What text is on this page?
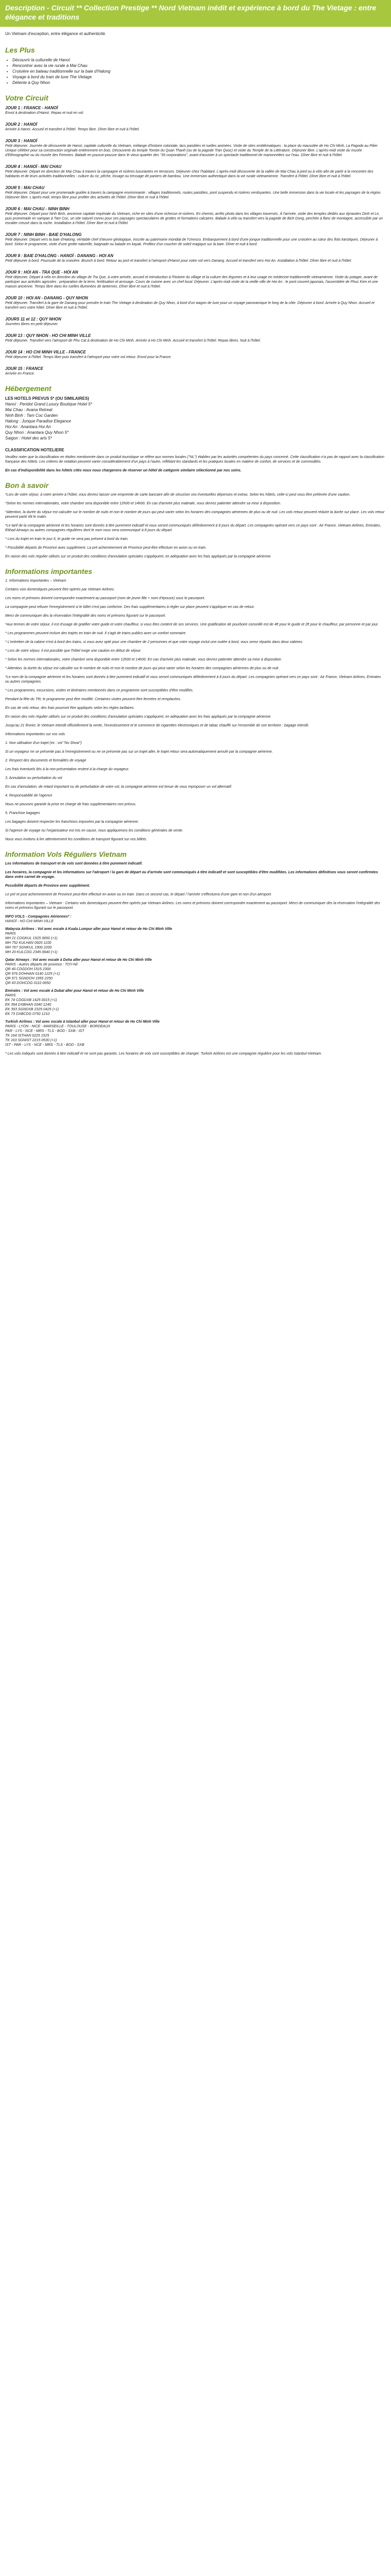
Description - Circuit ** Collection Prestige ** Nord Vietnam inédit et expérience à bord du The Vietage : entre élégance et traditions

Un Vietnam d'exception, entre élégance et authenticité.

Les Plus
• Découvrir la culturelle de Hanoï
• Rencontrer avec la vie rurale à Mai Chau
• Croisière en bateau traditionnelle sur la baie d'Halong
• Voyage à bord du train de luxe The Vietage
• Détente à Quy Nhon
Votre Circuit

JOUR 1 : FRANCE - HANOÏ

Envol à destination d'Hanoï. Repas et nuit en vol.

JOUR 2 : HANOÏ

Arrivée à Hanoï. Accueil et transfert à l'hôtel. Temps libre. Dîner libre et nuit à l'hôtel.

JOUR 3 : HANOÏ

Petit déjeuner. Journée de découverte de Hanoï, capitale culturelle du Vietnam, mélange d'histoire coloniale, lacs paisibles et ruelles animées. Visite de sites emblématiques : la place du mausolée de Ho Chi Minh, La Pagode au Pilier Unique célèbre pour sa construction originale entièrement en bois. Découverte du temple Tombe du Quan Thanh (ou de la pagode Tran Quoc) et visite du Temple de la Littérature. Déjeuner libre. L'après-midi visite du musée d'Ethnographie ou du musée des Femmes. Balade en pousse-pousse dans le vieux quartier des "36 corporations", avant d'assister à un spectacle traditionnel de marionnettes sur l'eau. Dîner libre et nuit à l'hôtel.

JOUR 4 : HANOÏ - MAI CHAU

Petit déjeuner. Départ en direction de Mai Chau à travers la campagne et rizières luxuriantes en terrasses. Déjeuner chez l'habitant. L'après-midi découverte de la vallée de Mai Chau à pied ou à vélo afin de partir à la rencontre des habitants et de leurs activités traditionnelles : culture du riz, pêche, tissage ou tressage de paniers de bambou. Une immersion authentique dans la vie rurale vietnamienne. Transfert à l'hôtel. Dîner libre et nuit à l'hôtel.

JOUR 5 : MAI CHAU

Petit déjeuner. Départ pour une promenade guidée à travers la campagne environnante : villages traditionnels, routes paisibles, pont suspendu et rizières verdoyantes. Une belle immersion dans la vie locale et les paysages de la région. Déjeuner libre. L'après-midi, temps libre pour profiter des activités de l'hôtel. Dîner libre et nuit à l'hôtel.

JOUR 6 : MAI CHAU - NINH BINH

Petit déjeuner. Départ pour Ninh Binh, ancienne capitale impériale du Vietnam, riche en sites d'une richesse et rizières. En chemin, arrêts photo dans les villages traversés. À l'arrivée, visite des temples dédiés aux dynasties Dinh et Le, puis promenade en sampan à Tam Coc, un site naturel connu pour ses paysages spectaculaires de grottes et formations calcaires. Balade à vélo ou transfert vers la pagode de Bich Dong, perchée à flanc de montagne, accessible par un escalier creusé dans la roche. Installation à l'hôtel. Dîner libre et nuit à l'hôtel.

JOUR 7 : NINH BINH - BAIE D'HALONG

Petit déjeuner. Départ vers la baie d'Halong, véritable chef d'œuvre géologique, inscrite au patrimoine mondial de l'Unesco. Embarquement à bord d'une jonque traditionnelle pour une croisière au cœur des îlots karstiques. Déjeuner à bord. Selon le programme, visite d'une grotte naturelle, baignade ou balade en kayak. Profitez d'un coucher de soleil magique sur la baie. Dîner et nuit à bord.

JOUR 8 : BAIE D'HALONG - HANOÏ - DANANG - HOI AN

Petit déjeuner à bord. Poursuite de la croisière. Brunch à bord. Retour au port et transfert à l'aéroport d'Hanoï pour votre vol vers Danang. Accueil et transfert vers Hoi An. Installation à l'hôtel. Dîner libre et nuit à l'hôtel.

JOUR 9 : HOI AN - TRA QUE - HOI AN

Petit déjeuner. Départ à vélo en direction du village de Tra Que, à votre arrivée, accueil et introduction à l'histoire du village et la culture des légumes et à leur usage en médecine traditionnelle vietnamienne. Visite du potager, avant de participer aux activités agricoles : préparation de la terre, fertilisation et arrosage. Cours de cuisine avec un chef local. Déjeuner. L'après-midi visite de la vieille ville de Hoi An : le pont couvert japonais, l'assemblée de Phuc Kien et une maison ancienne. Temps libre dans les ruelles illuminées de lanternes. Dîner libre et nuit à l'hôtel.

JOUR 10 : HOI AN - DANANG - QUY NHON

Petit déjeuner. Transfert à la gare de Danang pour prendre le train The Vietage à destination de Quy Nhon, à bord d'un wagon de luxe pour un voyage panoramique le long de la côte. Déjeuner à bord. Arrivée à Quy Nhon. Accueil et transfert vers votre hôtel. Dîner libre et nuit à l'hôtel.

JOURS 11 et 12 : QUY NHON

Journées libres en petit déjeuner.

JOUR 13 : QUY NHON - HO CHI MINH VILLE

Petit déjeuner. Transfert vers l'aéroport de Phu Cat à destination de Ho Chi Minh. Arrivée à Ho Chi Minh. Accueil et transfert à l'hôtel. Repas libres. Nuit à l'hôtel.

JOUR 14 : HO CHI MINH VILLE - FRANCE

Petit déjeuner à l'hôtel. Temps libre puis transfert à l'aéroport pour votre vol retour. Envol pour la France.

JOUR 15 : FRANCE

Arrivée en France.

Hébergement

LES HOTELS PREVUS 5* (OU SIMILAIRES)

Hanoï : Peridot Grand Luxury Boutique Hotel 5*

Mai Chau : Avana Retreat

Ninh Binh : Tam Coc Garden

Halong : Jonque Paradise Elegance

Hoi An : Anantara Hoi An

Quy Nhon : Anantara Quy Nhon 5*

Saigon : Hotel des arts 5*

CLASSIFICATION HOTELIERE

Veuillez noter que la classification en étoiles mentionnée dans ce produit touristique se réfère aux normes locales ("NL") établies par les autorités compétentes du pays concerné. Cette classification n'a pas de rapport avec la classification française des hôtels. Les critères de notation peuvent varier considérablement d'un pays à l'autre, reflétant les standards et les pratiques locales en matière de confort, de services et de commodités.

En cas d'indisponibilité dans les hôtels cités nous nous chargerons de réserver un hôtel de catégorie similaire sélectionné par nos soins.

Bon à savoir

*Lors de votre séjour, à votre arrivée à l'hôtel, vous devrez laisser une empreinte de carte bancaire afin de sécuriser vos éventuelles dépenses et extras. Selon les hôtels, celle-ci peut vous être prélevée d'une caution.

*Selon les normes internationales, votre chambre sera disponible entre 12h00 et 14h00. En cas d'arrivée plus matinale, vous devrez patienter attendre sa mise à disposition.

*Attention, la durée du séjour est calculée sur le nombre de nuits et non le nombre de jours qui peut varier selon les horaires des compagnies aériennes de plus ou de nuit. Les vols retour peuvent réduire la durée sur place. Les vols retour peuvent partir tôt le matin.

*Le tarif de la compagnie aérienne et les horaires sont donnés à titre purement indicatif et vous seront communiqués définitivement à 8 jours du départ. Les compagnies opérant vers ce pays sont : Air France, Vietnam Airlines, Emirates, Etihad Airways ou autres compagnies régulières dont le nom vous sera communiqué à 8 jours du départ.

* Lors du trajet en train le jour 6, le guide ne sera pas présent à bord du train.

* Possibilité départs de Province avec supplément. La pré acheminement de Province peut-être effectuer en avion ou en train.

En raison des vols régulier utilisés sur ce produit des conditions d'annulation spéciales s'appliquent, en adéquation avec les frais appliqués par la compagnie aérienne.

Informations importantes

1. Informations importantes – Vietnam

Certains voix domestiques peuvent être opérés par Vietnam Airlines.

Les noms et prénoms doivent correspondre exactement au passeport (nom de jeune fille + nom d'épouse) sous le passeport.

La compagnie peut refuser l'enregistrement si le billet n'est pas conforme. Des frais supplémentaires à régler sur place peuvent s'appliquer en cas de retour.

Merci de communiquer dès la réservation l'intégralité des noms et prénoms figurant sur le passeport.

*Aux termes de votre séjour, il est d'usage de gratifier votre guide et votre chauffeur, si vous êtes content de ses services. Une gratification de pourboire conseillé est de 4€ pour le guide et 2€ pour le chauffeur, par personne et par jour.

* Les programmes peuvent inclure des trajets en train de nuit. Il s'agit de trains publics avec un confort sommaire.

* L'entretien de la cabine n'est à bord des trains, si vous avez opté pour une chambre de 2 personnes et que votre voyage inclut une nuitée à bord, vous serez répartis dans deux cabines.

* Lors de votre séjour, il est possible que l'hôtel exige une caution en début de séjour.

* Selon les normes internationales, votre chambre sera disponible entre 12h00 et 14h00. En cas d'arrivée plus matinale, vous devrez patienter attendre sa mise à disposition.

* Attention, la durée du séjour est calculée sur le nombre de nuits et non le nombre de jours qui peut varier selon les horaires des compagnies aériennes de plus ou de nuit.

*Le nom de la compagnie aérienne et les horaires sont donnés à titre purement indicatif et vous seront communiqués définitivement à 8 jours du départ. Les compagnies opérant vers ce pays sont : Air France, Vietnam Airlines, Emirates ou autres compagnies.

* Les programmes, excursions, visites et itinéraires mentionnés dans ce programme sont susceptibles d'être modifiés.

Pendant la fête du Têt, le programme peut être modifié. Certaines visites peuvent être fermées et remplacées.

En cas de vols retour, des frais pourront être appliqués selon les règles tarifaires.

En raison des vols régulier utilisés sur ce produit des conditions d'annulation spéciales s'appliquent, en adéquation avec les frais appliqués par la compagnie aérienne.

Jusqu'au 21 février, le Vietnam interdit officiellement la vente, l'investissement et le commerce de cigarettes électroniques et de tabac chauffé sur l'ensemble de son territoire : bagage interdit.

Informations importantes sur vos vols

1. Non utilisation d'un trajet (ex : vol "No Show")

Si un voyageur ne se présente pas à l'enregistrement ou ne se présente pas sur un trajet aller, le trajet retour sera automatiquement annulé par la compagnie aérienne.

2. Respect des documents et formalités de voyage

Les frais éventuels liés à la non-présentation restent à la charge du voyageur.

3. Annulation ou perturbation du vol

En cas d'annulation, de retard important ou de perturbation de votre vol, la compagnie aérienne est tenue de vous reproposer un vol alternatif.

4. Responsabilité de l'agence

Nous ne pouvons garantir la prise en charge de frais supplémentaires non prévus.

5. Franchise bagages

Les bagages doivent respecter les franchises imposées par la compagnie aérienne.

Si l'agence de voyage ou l'organisateur est mis en cause, nous appliquerons les conditions générales de vente.

Nous vous invitons à lire attentivement les conditions de transport figurant sur vos billets.

Information Vols Réguliers Vietnam

Les informations de transport et de vols sont données à titre purement indicatif.

Les horaires, la compagnie et les informations sur l'aéroport / la gare de départ ou d'arrivée sont communiqués à titre indicatif et sont susceptibles d'être modifiées. Les informations définitives vous seront confirmées dans votre carnet de voyage.

Possibilité départs de Province avec supplément.

Le pré et post acheminement de Province peut-être effectué en avion ou en train. Dans ce second cas, le départ / l'arrivée s'effectuera d'une gare et non d'un aéroport.

Informations importantes – Vietnam : Certains vols domestiques peuvent être opérés par Vietnam Airlines. Les noms et prénoms doivent correspondre exactement au passeport. Merci de communiquer dès la réservation l'intégralité des noms et prénoms figurant sur le passeport.

INFO VOLS - Compagnies Aériennes* :

HANOÏ - HO CHI MINH VILLE

Malaysia Airlines : Vol avec escale à Kuala Lumpur aller pour Hanoï et retour de Ho Chi Minh Ville

PARIS

MH 21 CDGKUL 1525 0650 (+1)

MH 752 KULHAN 0920 1100

MH 767 SGNKUL 1900 2200

MH 20 KULCDG 2345 0640 (+1)

Qatar Airways : Vol avec escale à Doha aller pour Hanoï et retour de Ho Chi Minh Ville

PARIS - Autres départs de province : TOY-Nil

QR 40 CDGDOH 1515 2300

QR 976 DOHHAN 0140 1225 (+1)

QR 971 SGNDOH 1955 2250

QR 43 DOHCDG 0110 0650

Emirates : Vol avec escale à Dubaï aller pour Hanoï et retour de Ho Chi Minh Ville

PARIS

EK 74 CDGDXB 1425 0015 (+1)

EK 394 DXBHAN 0340 1240

EK 393 SGNDXB 2325 0425 (+1)

EK 73 DXBCDG 0750 1210

Turkish Airlines : Vol avec escale à Istanbul aller pour Hanoï et retour de Ho Chi Minh Ville

PARIS - LYON - NICE - MARSEILLE - TOULOUSE - BORDEAUX

PAR - LYS - NCE - MRS - TLS - BOD - SXB - IST

TK 164 ISTHAN 0225 1525

TK 163 SGNIST 2215 0530 (+1)

IST - PAR - LYS - NCE - MRS - TLS - BOD - SXB

* Les vols indiqués sont donnés à titre indicatif et ne sont pas garantis. Les horaires de vols sont susceptibles de changer. Turkish Airlines est une compagnie régulière pour les vols Istanbul-Vietnam.
